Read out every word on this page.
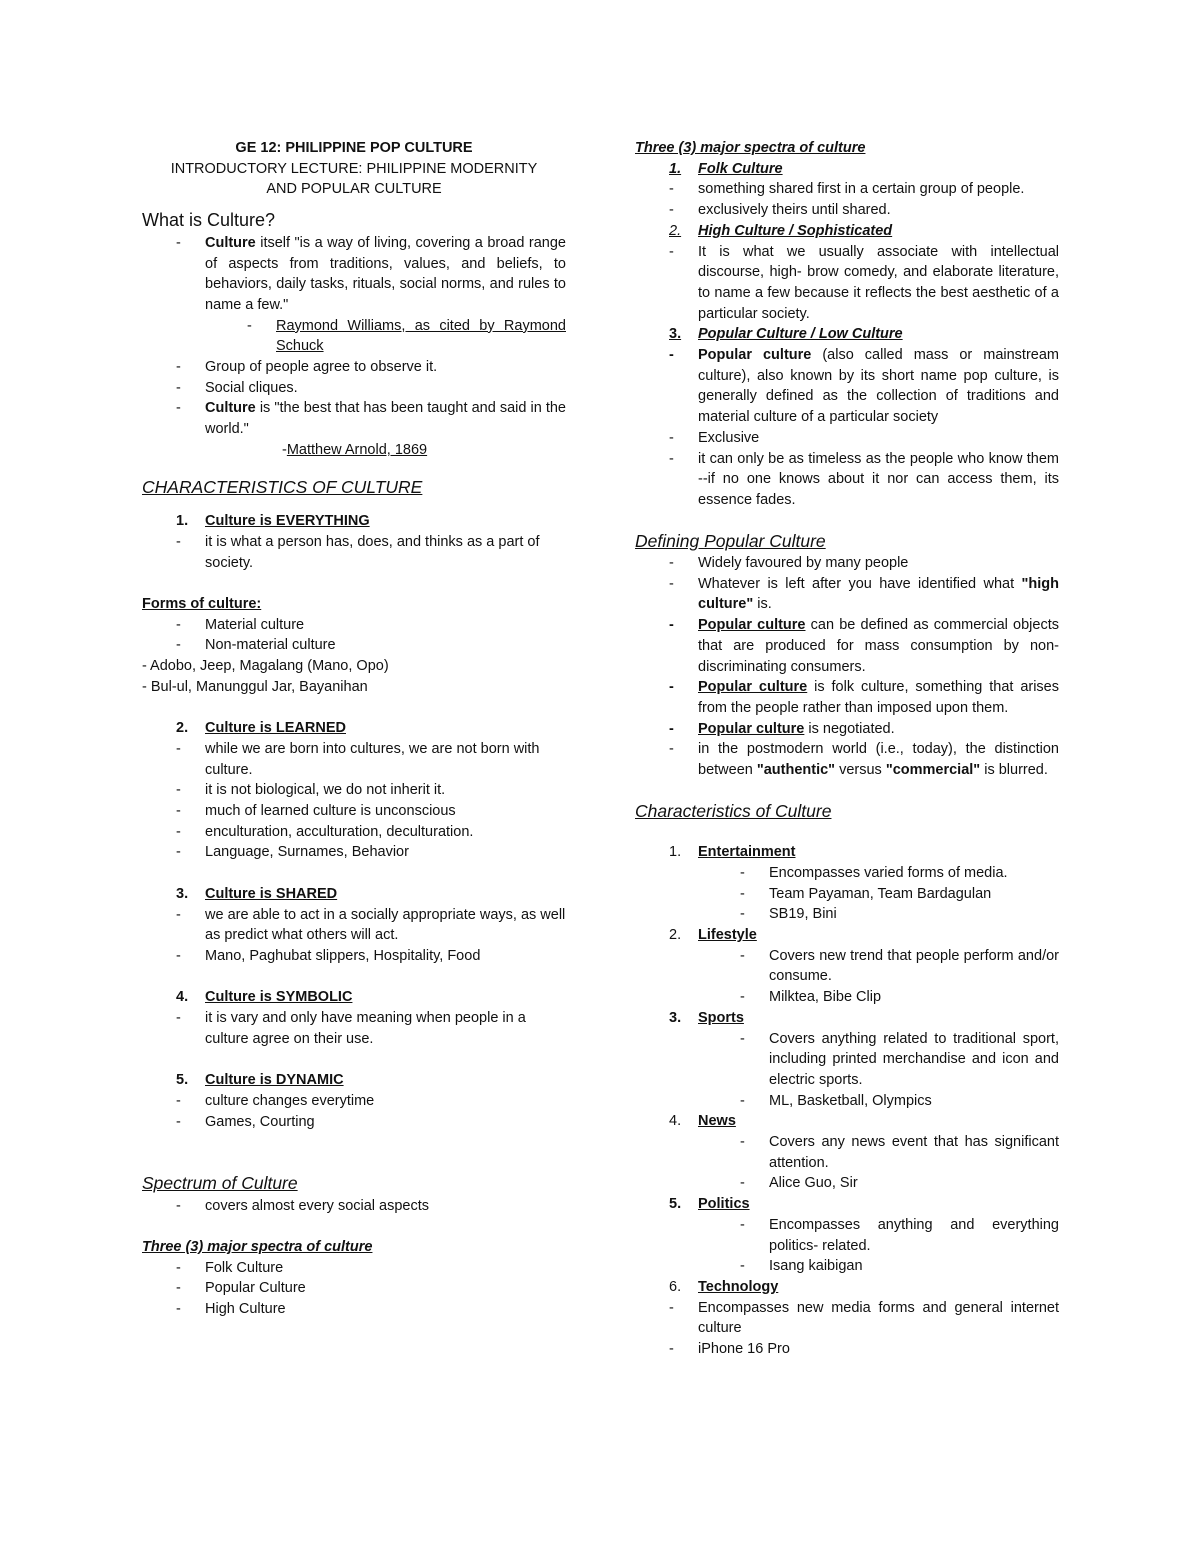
GE 12: PHILIPPINE POP CULTURE
INTRODUCTORY LECTURE: PHILIPPINE MODERNITY
AND POPULAR CULTURE
What is Culture?
-	Culture itself "is a way of living, covering a broad range of aspects from traditions, values, and beliefs, to behaviors, daily tasks, rituals, social norms, and rules to name a few."
-	Raymond Williams, as cited by Raymond Schuck
-	Group of people agree to observe it.
-	Social cliques.
-	Culture is "the best that has been taught and said in the world."
-Matthew Arnold, 1869
CHARACTERISTICS OF CULTURE
1.	Culture is EVERYTHING
-	it is what a person has, does, and thinks as a part of society.
Forms of culture:
-	Material culture
-	Non-material culture
- Adobo, Jeep, Magalang (Mano, Opo)
- Bul-ul, Manunggul Jar, Bayanihan
2.	Culture is LEARNED
-	while we are born into cultures, we are not born with culture.
-	it is not biological, we do not inherit it.
-	much of learned culture is unconscious
-	enculturation, acculturation, deculturation.
-	Language, Surnames, Behavior
3.	Culture is SHARED
-	we are able to act in a socially appropriate ways, as well as predict what others will act.
-	Mano, Paghubat slippers, Hospitality, Food
4.	Culture is SYMBOLIC
-	it is vary and only have meaning when people in a culture agree on their use.
5.	Culture is DYNAMIC
-	culture changes everytime
-	Games, Courting
Spectrum of Culture
-	covers almost every social aspects
Three (3) major spectra of culture
-	Folk Culture
-	Popular Culture
-	High Culture
Three (3) major spectra of culture
1.	Folk Culture
-	something shared first in a certain group of people.
-	exclusively theirs until shared.
2.	High Culture / Sophisticated
-	It is what we usually associate with intellectual discourse, high- brow comedy, and elaborate literature, to name a few because it reflects the best aesthetic of a particular society.
3.	Popular Culture / Low Culture
-	Popular culture (also called mass or mainstream culture), also known by its short name pop culture, is generally defined as the collection of traditions and material culture of a particular society
-	Exclusive
-	it can only be as timeless as the people who know them --if no one knows about it nor can access them, its essence fades.
Defining Popular Culture
-	Widely favoured by many people
-	Whatever is left after you have identified what "high culture" is.
-	Popular culture can be defined as commercial objects that are produced for mass consumption by non-discriminating consumers.
-	Popular culture is folk culture, something that arises from the people rather than imposed upon them.
-	Popular culture is negotiated.
-	in the postmodern world (i.e., today), the distinction between "authentic" versus "commercial" is blurred.
Characteristics of Culture
1.	Entertainment
-	Encompasses varied forms of media.
-	Team Payaman, Team Bardagulan
-	SB19, Bini
2.	Lifestyle
-	Covers new trend that people perform and/or consume.
-	Milktea, Bibe Clip
3.	Sports
-	Covers anything related to traditional sport, including printed merchandise and icon and electric sports.
-	ML, Basketball, Olympics
4.	News
-	Covers any news event that has significant attention.
-	Alice Guo, Sir
5.	Politics
-	Encompasses anything and everything politics- related.
-	Isang kaibigan
6.	Technology
-	Encompasses new media forms and general internet culture
-	iPhone 16 Pro
